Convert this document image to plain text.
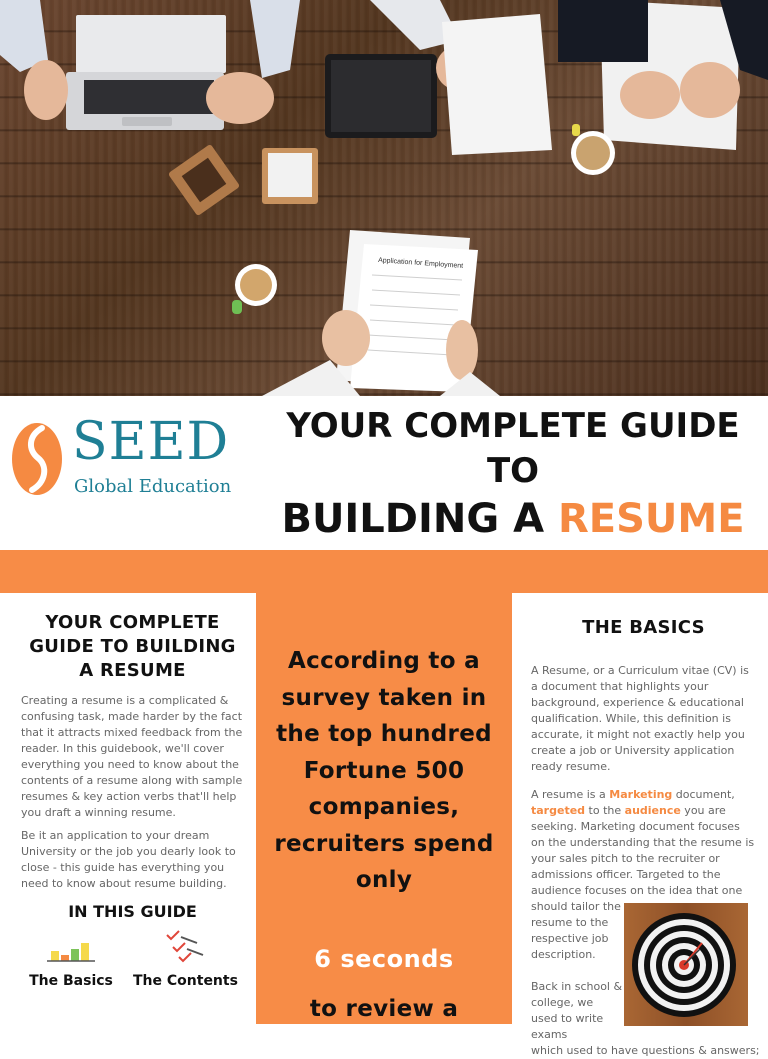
Application for Employment
SEED
Global Education
YOUR COMPLETE GUIDE
TO
BUILDING A RESUME
YOUR COMPLETE GUIDE TO BUILDING A RESUME

Creating a resume is a complicated & confusing task, made harder by the fact that it attracts mixed feedback from the reader. In this guidebook, we'll cover everything you need to know about the contents of a resume along with sample resumes & key action verbs that'll help you draft a winning resume.

Be it an application to your dream University or the job you dearly look to close - this guide has everything you need to know about resume building.

IN THIS GUIDE
The Basics	The Contents
According to a survey taken in the top hundred Fortune 500 companies, recruiters spend only
6 seconds
to review a
THE BASICS

A Resume, or a Curriculum vitae (CV) is a document that highlights your background, experience & educational qualification. While, this definition is accurate, it might not exactly help you create a job or University application ready resume.

A resume is a Marketing document, targeted to the audience you are seeking. Marketing document focuses on the understanding that the resume is your sales pitch to the recruiter or admissions officer. Targeted to the audience focuses on the idea that one

should tailor the resume to the respective job description.

Back in school & college, we used to write exams

which used to have questions & answers;
